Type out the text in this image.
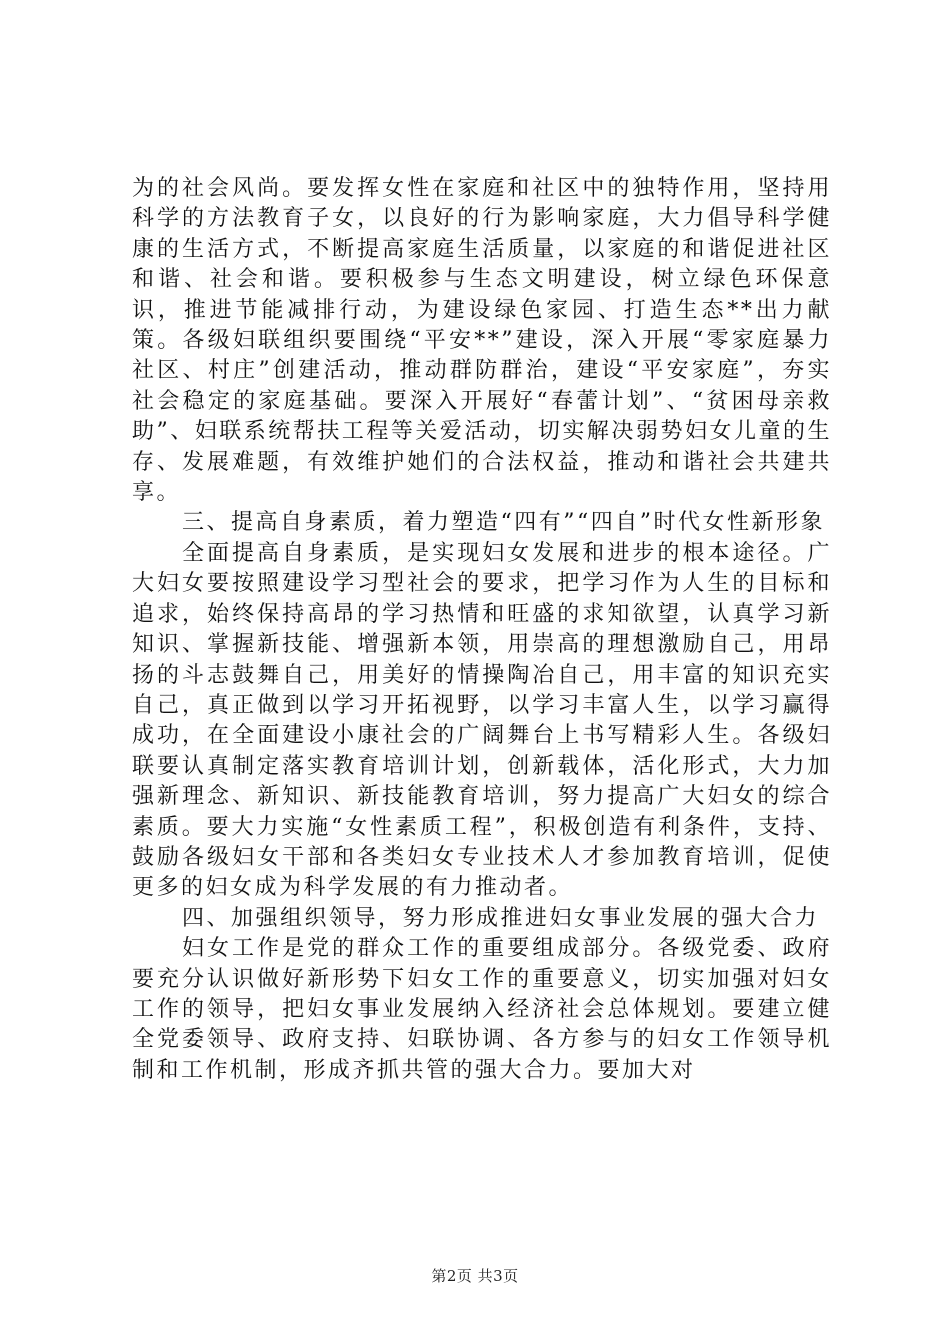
为的社会风尚。要发挥女性在家庭和社区中的独特作用，坚持用科学的方法教育子女，以良好的行为影响家庭，大力倡导科学健康的生活方式，不断提高家庭生活质量，以家庭的和谐促进社区和谐、社会和谐。要积极参与生态文明建设，树立绿色环保意识，推进节能减排行动，为建设绿色家园、打造生态**出力献策。各级妇联组织要围绕“平安**”建设，深入开展“零家庭暴力社区、村庄”创建活动，推动群防群治，建设“平安家庭”，夯实社会稳定的家庭基础。要深入开展好“春蕾计划”、“贫困母亲救助”、妇联系统帮扶工程等关爱活动，切实解决弱势妇女儿童的生存、发展难题，有效维护她们的合法权益，推动和谐社会共建共享。

三、提高自身素质，着力塑造“四有”“四自”时代女性新形象

全面提高自身素质，是实现妇女发展和进步的根本途径。广大妇女要按照建设学习型社会的要求，把学习作为人生的目标和追求，始终保持高昂的学习热情和旺盛的求知欲望，认真学习新知识、掌握新技能、增强新本领，用崇高的理想激励自己，用昂扬的斗志鼓舞自己，用美好的情操陶冶自己，用丰富的知识充实自己，真正做到以学习开拓视野，以学习丰富人生，以学习赢得成功，在全面建设小康社会的广阔舞台上书写精彩人生。各级妇联要认真制定落实教育培训计划，创新载体，活化形式，大力加强新理念、新知识、新技能教育培训，努力提高广大妇女的综合素质。要大力实施“女性素质工程”，积极创造有利条件，支持、鼓励各级妇女干部和各类妇女专业技术人才参加教育培训，促使更多的妇女成为科学发展的有力推动者。

四、加强组织领导，努力形成推进妇女事业发展的强大合力

妇女工作是党的群众工作的重要组成部分。各级党委、政府要充分认识做好新形势下妇女工作的重要意义，切实加强对妇女工作的领导，把妇女事业发展纳入经济社会总体规划。要建立健全党委领导、政府支持、妇联协调、各方参与的妇女工作领导机制和工作机制，形成齐抓共管的强大合力。要加大对

第2页 共3页
